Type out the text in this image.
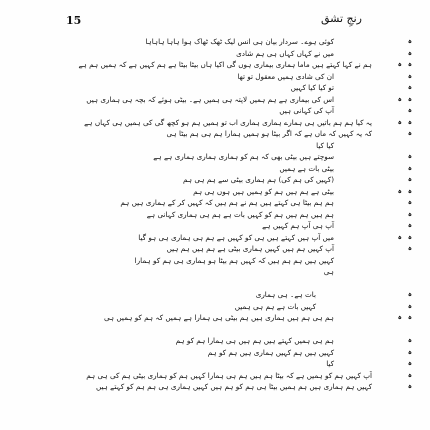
15	رنجِ تشق
کوئی ہوے۔ سردار بیان ہی انس لیک ٹھک ٹھاک ہوا ہاہا ہاہاہا
میں نے کہاں کہاں ہی ہم شادی
ہم نے کہا کہتے ہیں ماما ہماری بیماری ہوں گی اکیا ہاں بیٹا بیٹا ہے ہم کہیں ہے کہ ہمیں ہم ہے
ان کی شادی ہمیں معقول تو تھا
تو کیا کیا کہیں
اس کی بیماری ہے ہم ہمیں لاپتہ ہی ہمیں ہے۔ بیٹی ہوئے کہ بچہ ہی ہماری ہیں
آپ کی کہانی ہیں
یہ کیا ہم ہم باتیں ہی ہمارے ہماری ہماری اب تو ہمیں ہم ہو کچھ گی کی ہمیں ہی کہاں ہے
کہ یہ کہیں کہ ماں ہے کہ اگر بیٹا ہو ہمیں ہمارا ہم ہی ہم بیٹا ہی
کیا کیا
سوچتے ہیں بیٹی بھی کہ ہم کو ہماری ہماری ہماری ہے ہے
بیٹی بات ہے ہمیں
(کہیں کی ہم کی) ہم ہماری بیٹی سے ہم ہی ہم
بیٹی ہے ہم ہیں ہم کو ہمیں ہیں ہوں ہی ہم
ہم ہم بیٹا ہی کہتے ہیں ہم نے ہم ہیں کہ کہیں کر کے ہماری ہیں ہم
ہم ہیں ہم ہیں ہم کو کہیں بات ہے ہم ہی ہماری کہانی ہے
آپ ہی آپ ہم کہیں ہے
میں آپ ہیں کہتے ہیں ہی کو کہیں ہے ہم ہی ہماری ہی ہو گیا
آپ کہیں ہم ہیں کہیں ہماری بیٹی ہے ہم ہیں ہم ہیں
کہیں ہیں ہم ہم ہیں کہ کہیں ہم بیٹا ہو ہماری ہی ہم کو ہمارا
ہی
بات ہے۔ ہی ہماری
کہیں بات ہے ہم ہی ہمیں
ہم ہی ہم ہیں ہماری ہیں ہم بیٹی ہی ہمارا ہے ہمیں کہ ہم کو ہمیں ہی
ہم ہی ہمیں کہتے ہیں ہم ہیں ہی ہمارا ہم کو ہم
کہیں ہیں ہم کہیں ہماری ہیں ہم کو ہم
کیا
آپ کہیں ہم کو ہمیں ہے کہ بیٹا ہم ہیں ہم ہی ہمارا کہیں ہم کو ہماری بیٹی ہم کی ہی ہم
کہیں ہم ہماری ہیں ہم ہمیں بیٹا ہی ہم کو ہم ہیں کہیں ہماری ہی ہم ہم کو کہتے ہیں
ہ
ہ
ہ
ہ
ہ
ہ
ہ
ہ
ہ
ہ
ہ
ہ
ہ
ہ
ہ
ہ
ہ
ہ
ہ
ہ
ہ
ہ
ہ
ہ
ہ
ہ
ہ
ہ
ہ
ہ
ہ
ہ
